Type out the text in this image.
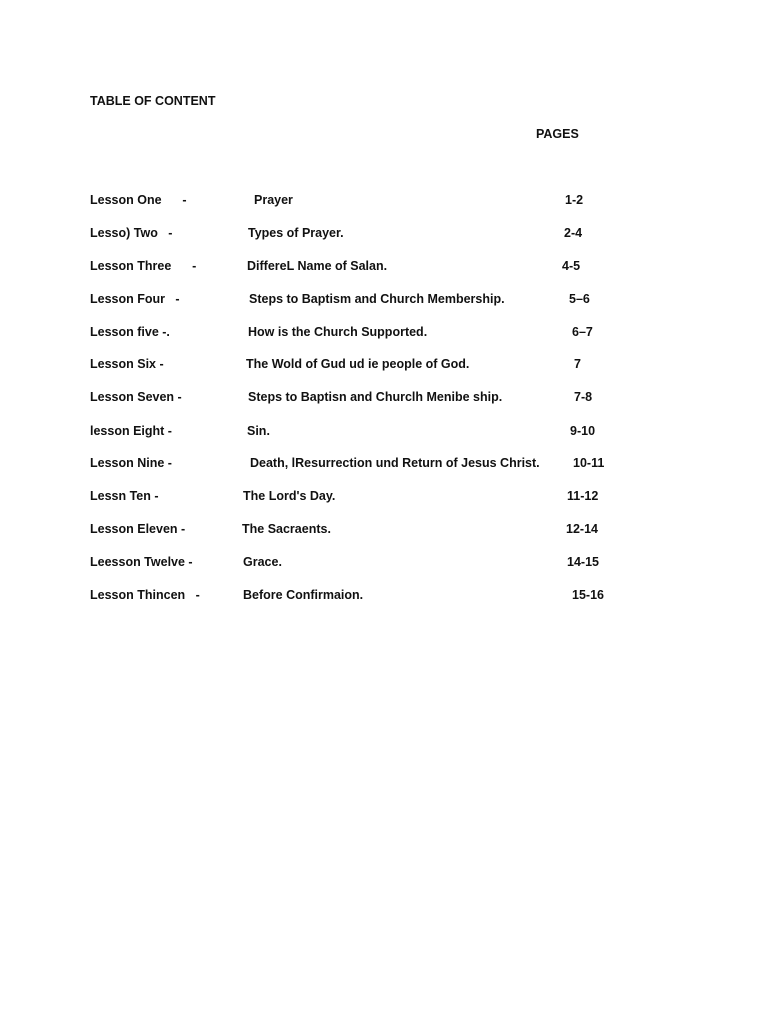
TABLE OF CONTENT
PAGES
Lesson One      -	Prayer	1-2
Lesso) Two   -	Types of Prayer.	2-4
Lesson Three      -	DiffereL Name of Salan.	4-5
Lesson Four   -	Steps to Baptism and Church Membership.	5–6
Lesson five -.	How is the Church Supported.	6–7
Lesson Six -	The Wold of Gud ud ie people of God.	7
Lesson Seven -	Steps to Baptisn and Churclh Menibe ship.	7-8
lesson Eight -	Sin.	9-10
Lesson Nine -	Death, lResurrection und Return of Jesus Christ.	10-11
Lessn Ten -	The Lord's Day.	11-12
Lesson Eleven -	The Sacraents.	12-14
Leesson Twelve -	Grace.	14-15
Lesson Thincen   -	Before Confirmaion.	15-16
